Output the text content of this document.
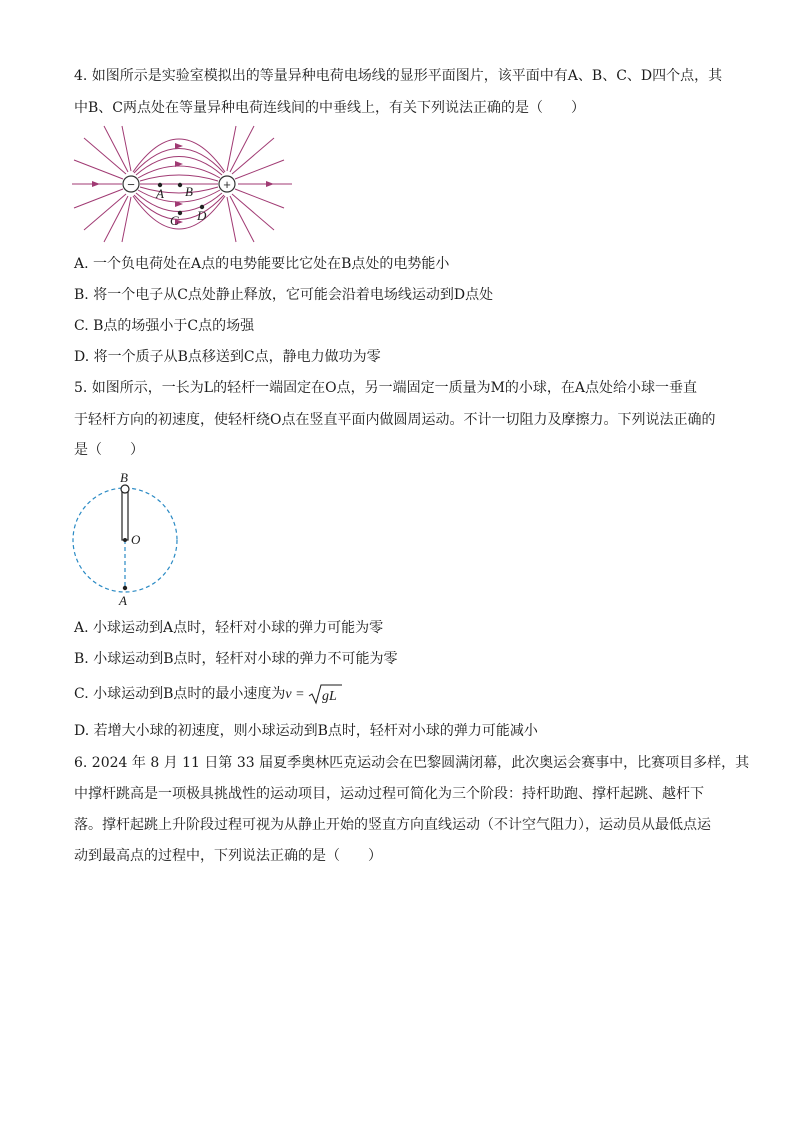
4. 如图所示是实验室模拟出的等量异种电荷电场线的显形平面图片，该平面中有A、B、C、D四个点，其
中B、C两点处在等量异种电荷连线间的中垂线上，有关下列说法正确的是（　　）
−	+
A B
C D
A. 一个负电荷处在A点的电势能要比它处在B点处的电势能小
B. 将一个电子从C点处静止释放，它可能会沿着电场线运动到D点处
C. B点的场强小于C点的场强
D. 将一个质子从B点移送到C点，静电力做功为零
5. 如图所示，一长为L的轻杆一端固定在O点，另一端固定一质量为M的小球，在A点处给小球一垂直
于轻杆方向的初速度，使轻杆绕O点在竖直平面内做圆周运动。不计一切阻力及摩擦力。下列说法正确的
是（　　）
B
O
A
A. 小球运动到A点时，轻杆对小球的弹力可能为零
B. 小球运动到B点时，轻杆对小球的弹力不可能为零
C. 小球运动到B点时的最小速度为v = gL
D. 若增大小球的初速度，则小球运动到B点时，轻杆对小球的弹力可能减小
6. 2024 年 8 月 11 日第 33 届夏季奥林匹克运动会在巴黎圆满闭幕，此次奥运会赛事中，比赛项目多样，其
中撑杆跳高是一项极具挑战性的运动项目，运动过程可简化为三个阶段：持杆助跑、撑杆起跳、越杆下
落。撑杆起跳上升阶段过程可视为从静止开始的竖直方向直线运动（不计空气阻力），运动员从最低点运
动到最高点的过程中，下列说法正确的是（　　）
